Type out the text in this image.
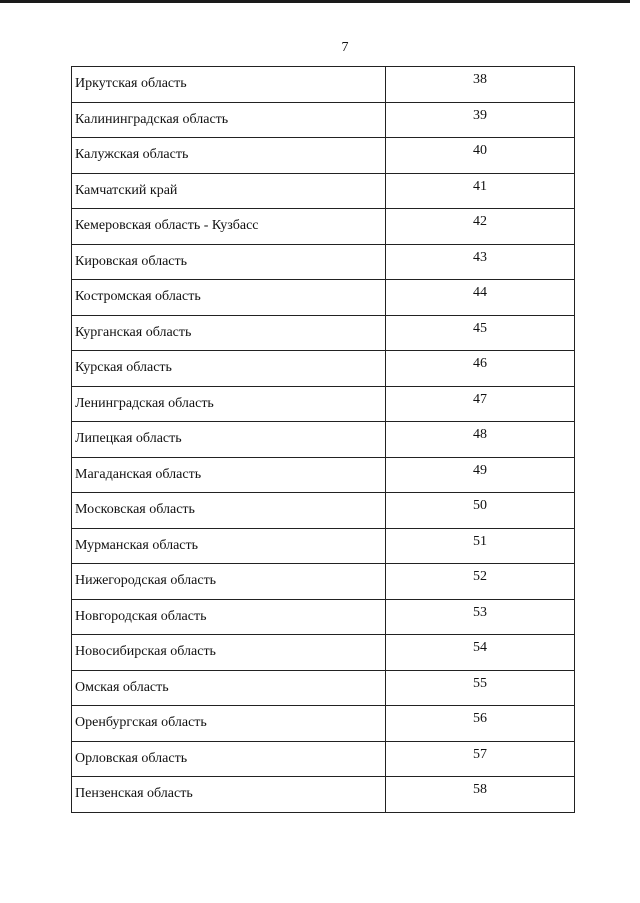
7
Иркутская область	38
Калининградская область	39
Калужская область	40
Камчатский край	41
Кемеровская область - Кузбасс	42
Кировская область	43
Костромская область	44
Курганская область	45
Курская область	46
Ленинградская область	47
Липецкая область	48
Магаданская область	49
Московская область	50
Мурманская область	51
Нижегородская область	52
Новгородская область	53
Новосибирская область	54
Омская область	55
Оренбургская область	56
Орловская область	57
Пензенская область	58
